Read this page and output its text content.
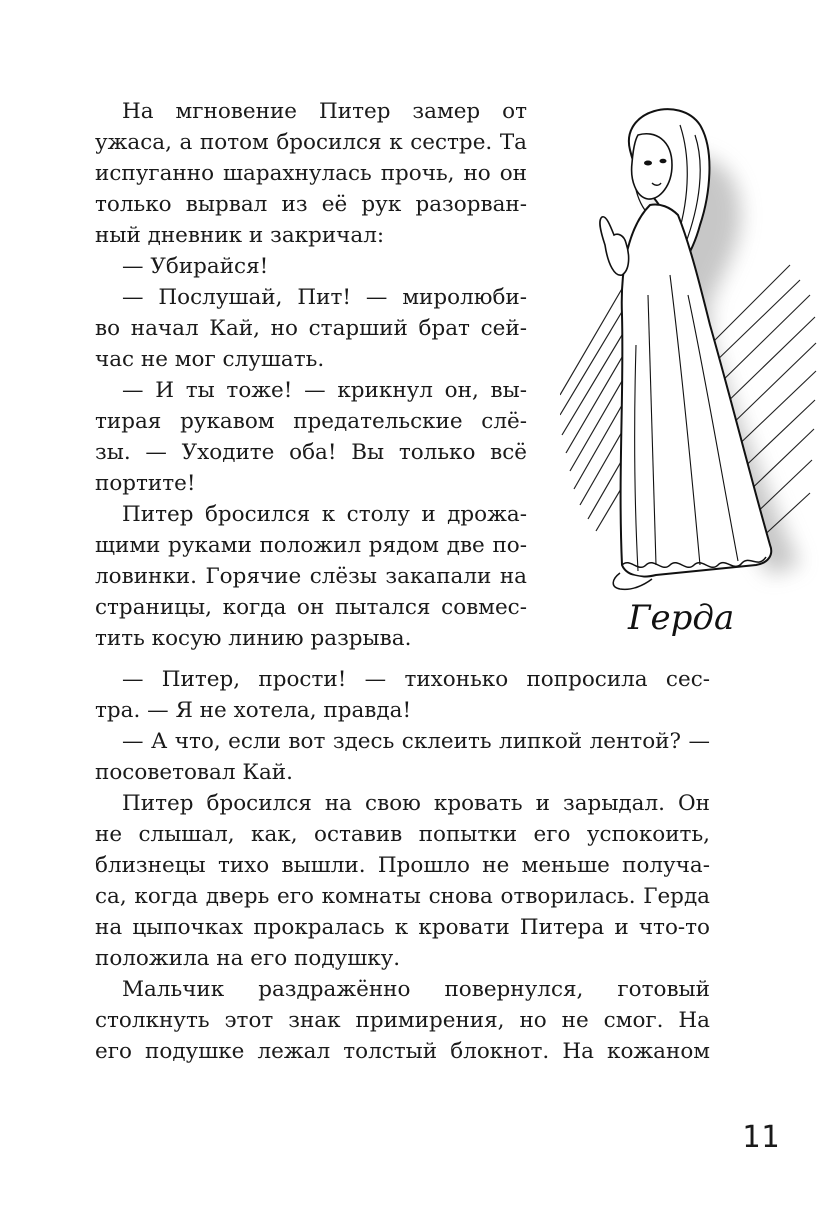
На мгновение Питер замер от
ужаса, а потом бросился к сестре. Та
испуганно шарахнулась прочь, но он
только вырвал из её рук разорван-
ный дневник и закричал:
— Убирайся!
— Послушай, Пит! — миролюби-
во начал Кай, но старший брат сей-
час не мог слушать.
— И ты тоже! — крикнул он, вы-
тирая рукавом предательские слё-
зы. — Уходите оба! Вы только всё
портите!
Питер бросился к столу и дрожа-
щими руками положил рядом две по-
ловинки. Горячие слёзы закапали на
страницы, когда он пытался совмес-
тить косую линию разрыва.
— Питер, прости! — тихонько попросила сес-
тра. — Я не хотела, правда!
— А что, если вот здесь склеить липкой лентой? —
посоветовал Кай.
Питер бросился на свою кровать и зарыдал. Он
не слышал, как, оставив попытки его успокоить,
близнецы тихо вышли. Прошло не меньше получа-
са, когда дверь его комнаты снова отворилась. Герда
на цыпочках прокралась к кровати Питера и что-то
положила на его подушку.
Мальчик раздражённо повернулся, готовый
столкнуть этот знак примирения, но не смог. На
его подушке лежал толстый блокнот. На кожаном
Герда
11
